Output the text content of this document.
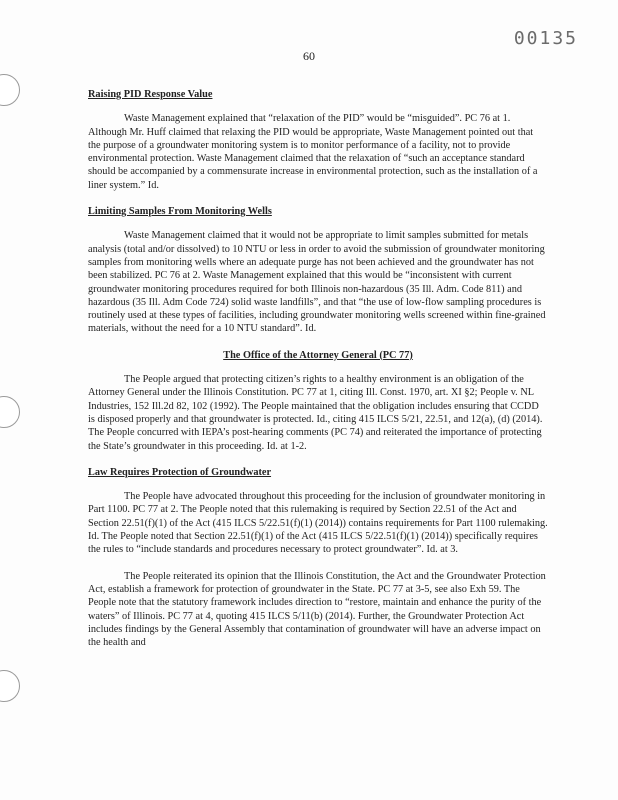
00135
60
Raising PID Response Value

Waste Management explained that “relaxation of the PID” would be “misguided”. PC 76 at 1. Although Mr. Huff claimed that relaxing the PID would be appropriate, Waste Management pointed out that the purpose of a groundwater monitoring system is to monitor performance of a facility, not to provide environmental protection. Waste Management claimed that the relaxation of “such an acceptance standard should be accompanied by a commensurate increase in environmental protection, such as the installation of a liner system.” Id.

Limiting Samples From Monitoring Wells

Waste Management claimed that it would not be appropriate to limit samples submitted for metals analysis (total and/or dissolved) to 10 NTU or less in order to avoid the submission of groundwater monitoring samples from monitoring wells where an adequate purge has not been achieved and the groundwater has not been stabilized. PC 76 at 2. Waste Management explained that this would be “inconsistent with current groundwater monitoring procedures required for both Illinois non-hazardous (35 Ill. Adm. Code 811) and hazardous (35 Ill. Adm Code 724) solid waste landfills”, and that “the use of low-flow sampling procedures is routinely used at these types of facilities, including groundwater monitoring wells screened within fine-grained materials, without the need for a 10 NTU standard”. Id.

The Office of the Attorney General (PC 77)

The People argued that protecting citizen’s rights to a healthy environment is an obligation of the Attorney General under the Illinois Constitution. PC 77 at 1, citing Ill. Const. 1970, art. XI §2; People v. NL Industries, 152 Ill.2d 82, 102 (1992). The People maintained that the obligation includes ensuring that CCDD is disposed properly and that groundwater is protected. Id., citing 415 ILCS 5/21, 22.51, and 12(a), (d) (2014). The People concurred with IEPA’s post-hearing comments (PC 74) and reiterated the importance of protecting the State’s groundwater in this proceeding. Id. at 1-2.

Law Requires Protection of Groundwater

The People have advocated throughout this proceeding for the inclusion of groundwater monitoring in Part 1100. PC 77 at 2. The People noted that this rulemaking is required by Section 22.51 of the Act and Section 22.51(f)(1) of the Act (415 ILCS 5/22.51(f)(1) (2014)) contains requirements for Part 1100 rulemaking. Id. The People noted that Section 22.51(f)(1) of the Act (415 ILCS 5/22.51(f)(1) (2014)) specifically requires the rules to “include standards and procedures necessary to protect groundwater”. Id. at 3.

The People reiterated its opinion that the Illinois Constitution, the Act and the Groundwater Protection Act, establish a framework for protection of groundwater in the State. PC 77 at 3-5, see also Exh 59. The People note that the statutory framework includes direction to “restore, maintain and enhance the purity of the waters” of Illinois. PC 77 at 4, quoting 415 ILCS 5/11(b) (2014). Further, the Groundwater Protection Act includes findings by the General Assembly that contamination of groundwater will have an adverse impact on the health and
